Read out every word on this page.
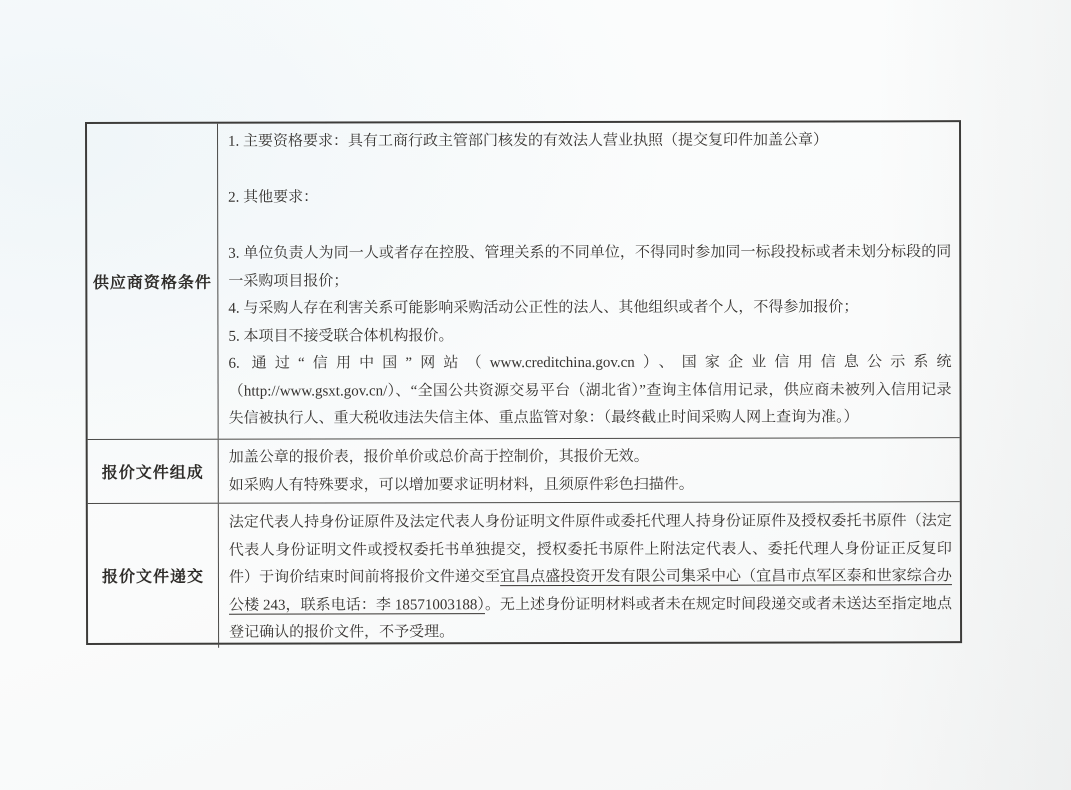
供应商资格条件

1. 主要资格要求：具有工商行政主管部门核发的有效法人营业执照（提交复印件加盖公章）

2. 其他要求：

3. 单位负责人为同一人或者存在控股、管理关系的不同单位，不得同时参加同一标段投标或者未划分标段的同一采购项目报价；

4. 与采购人存在利害关系可能影响采购活动公正性的法人、其他组织或者个人，不得参加报价；

5. 本项目不接受联合体机构报价。

6. 通过“信用中国”网站（www.creditchina.gov.cn）、国家企业信用信息公示系统

（http://www.gsxt.gov.cn/）、“全国公共资源交易平台（湖北省）”查询主体信用记录，供应商未被列入信用记录失信被执行人、重大税收违法失信主体、重点监管对象：（最终截止时间采购人网上查询为准。）

报价文件组成

加盖公章的报价表，报价单价或总价高于控制价，其报价无效。

如采购人有特殊要求，可以增加要求证明材料，且须原件彩色扫描件。

报价文件递交

法定代表人持身份证原件及法定代表人身份证明文件原件或委托代理人持身份证原件及授权委托书原件（法定代表人身份证明文件或授权委托书单独提交，授权委托书原件上附法定代表人、委托代理人身份证正反复印件）于询价结束时间前将报价文件递交至宜昌点盛投资开发有限公司集采中心（宜昌市点军区泰和世家综合办公楼 243，联系电话：李 18571003188）。无上述身份证明材料或者未在规定时间段递交或者未送达至指定地点登记确认的报价文件，不予受理。
